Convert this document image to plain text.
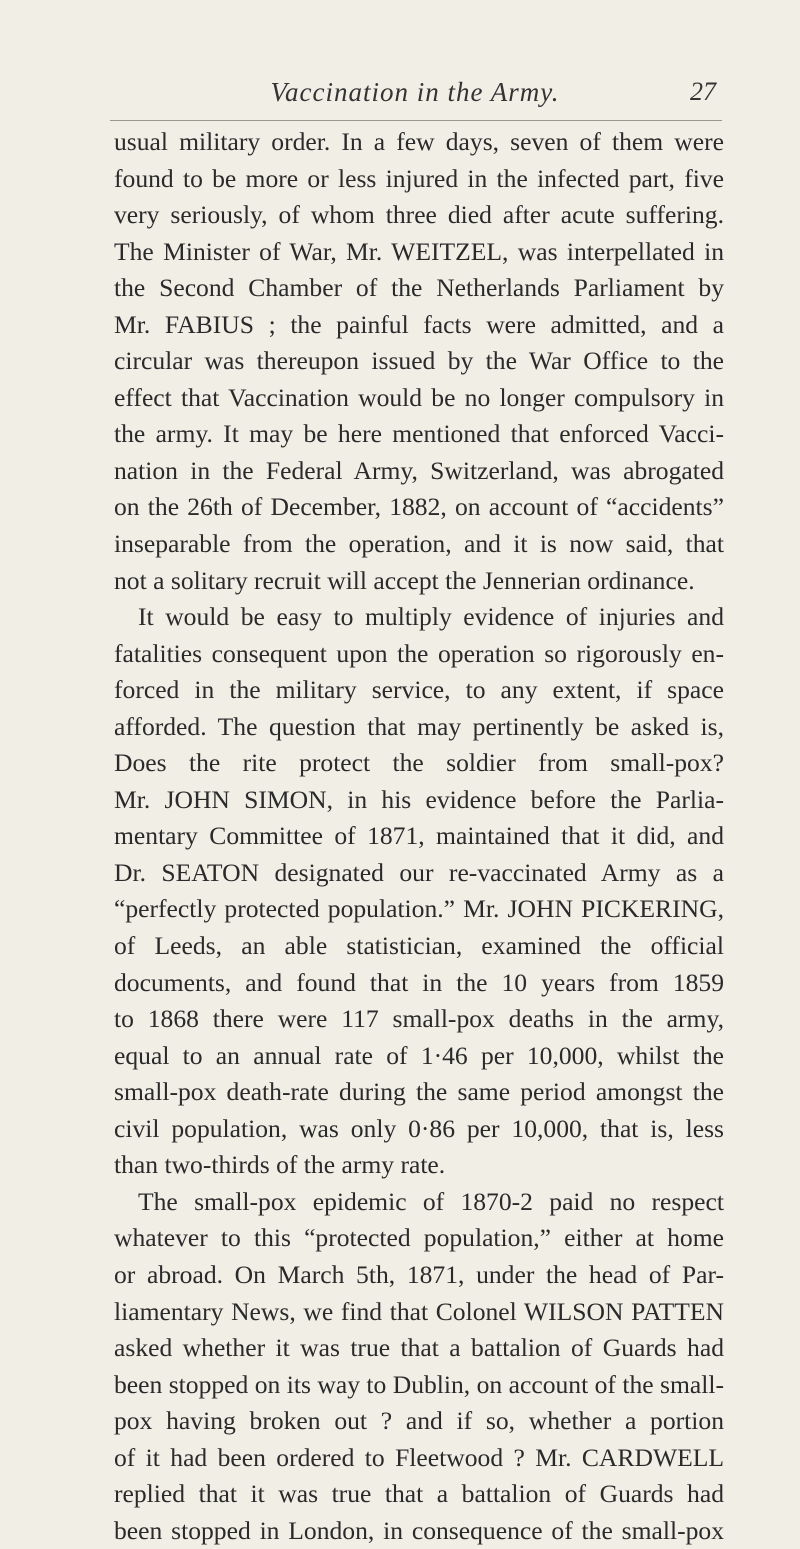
Vaccination in the Army.	27
usual military order. In a few days, seven of them were
found to be more or less injured in the infected part, five
very seriously, of whom three died after acute suffering.
The Minister of War, Mr. WEITZEL, was interpellated in
the Second Chamber of the Netherlands Parliament by
Mr. FABIUS ; the painful facts were admitted, and a
circular was thereupon issued by the War Office to the
effect that Vaccination would be no longer compulsory in
the army. It may be here mentioned that enforced Vacci-
nation in the Federal Army, Switzerland, was abrogated
on the 26th of December, 1882, on account of “accidents”
inseparable from the operation, and it is now said, that
not a solitary recruit will accept the Jennerian ordinance.
It would be easy to multiply evidence of injuries and
fatalities consequent upon the operation so rigorously en-
forced in the military service, to any extent, if space
afforded. The question that may pertinently be asked is,
Does the rite protect the soldier from small-pox?
Mr. JOHN SIMON, in his evidence before the Parlia-
mentary Committee of 1871, maintained that it did, and
Dr. SEATON designated our re-vaccinated Army as a
“perfectly protected population.” Mr. JOHN PICKERING,
of Leeds, an able statistician, examined the official
documents, and found that in the 10 years from 1859
to 1868 there were 117 small-pox deaths in the army,
equal to an annual rate of 1·46 per 10,000, whilst the
small-pox death-rate during the same period amongst the
civil population, was only 0·86 per 10,000, that is, less
than two-thirds of the army rate.
The small-pox epidemic of 1870-2 paid no respect
whatever to this “protected population,” either at home
or abroad. On March 5th, 1871, under the head of Par-
liamentary News, we find that Colonel WILSON PATTEN
asked whether it was true that a battalion of Guards had
been stopped on its way to Dublin, on account of the small-
pox having broken out ? and if so, whether a portion
of it had been ordered to Fleetwood ? Mr. CARDWELL
replied that it was true that a battalion of Guards had
been stopped in London, in consequence of the small-pox
